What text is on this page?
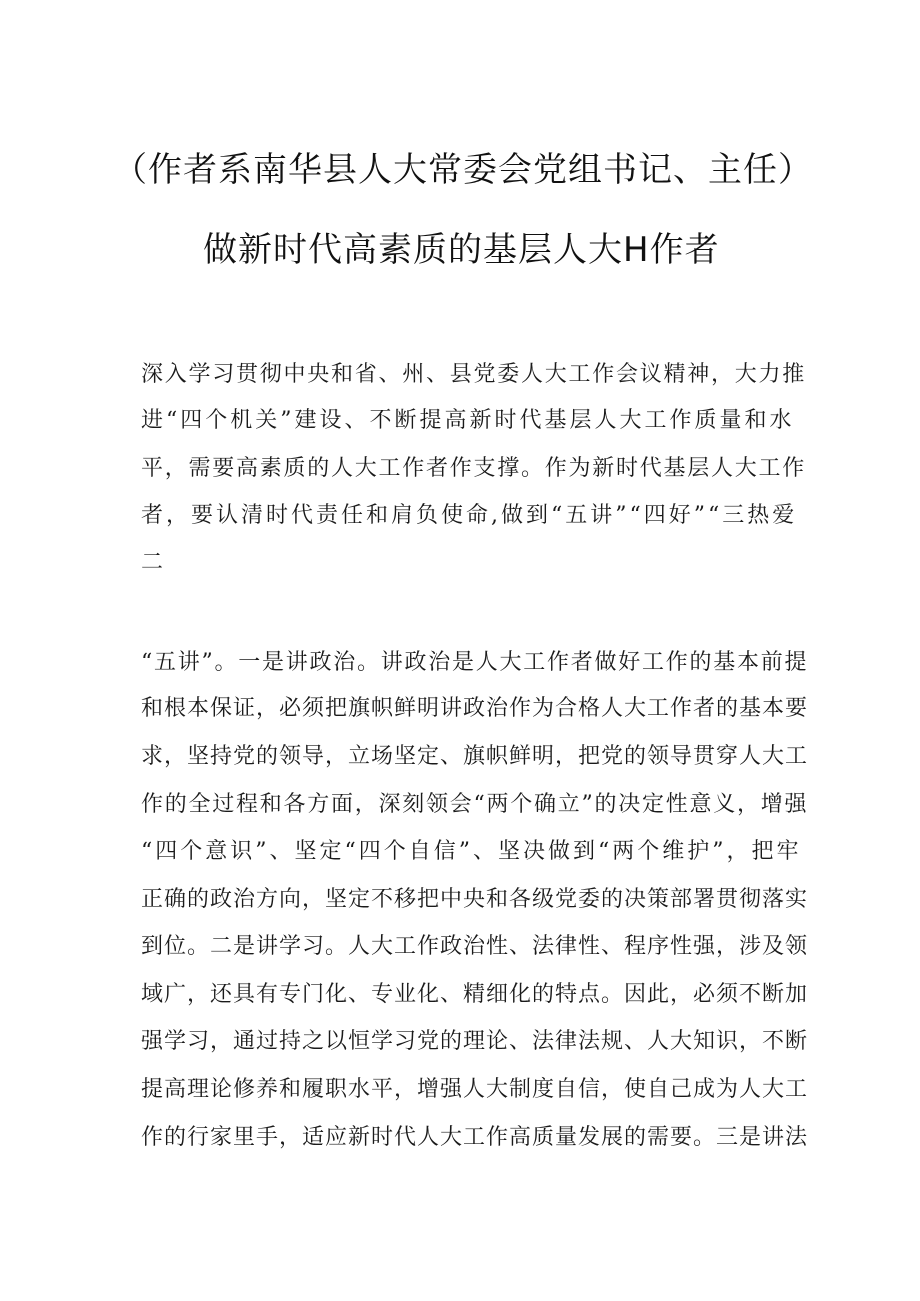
（作者系南华县人大常委会党组书记、主任）
做新时代高素质的基层人大Η作者
深入学习贯彻中央和省、州、县党委人大工作会议精神，大力推
进“四个机关”建设、不断提高新时代基层人大工作质量和水
平，需要高素质的人大工作者作支撑。作为新时代基层人大工作
者，要认清时代责任和肩负使命,做到“五讲”“四好”“三热爱
二
“五讲”。一是讲政治。讲政治是人大工作者做好工作的基本前提
和根本保证，必须把旗帜鲜明讲政治作为合格人大工作者的基本要
求，坚持党的领导，立场坚定、旗帜鲜明，把党的领导贯穿人大工
作的全过程和各方面，深刻领会“两个确立”的决定性意义，增强
“四个意识”、坚定“四个自信”、坚决做到“两个维护”，把牢
正确的政治方向，坚定不移把中央和各级党委的决策部署贯彻落实
到位。二是讲学习。人大工作政治性、法律性、程序性强，涉及领
域广，还具有专门化、专业化、精细化的特点。因此，必须不断加
强学习，通过持之以恒学习党的理论、法律法规、人大知识，不断
提高理论修养和履职水平，增强人大制度自信，使自己成为人大工
作的行家里手，适应新时代人大工作高质量发展的需要。三是讲法
